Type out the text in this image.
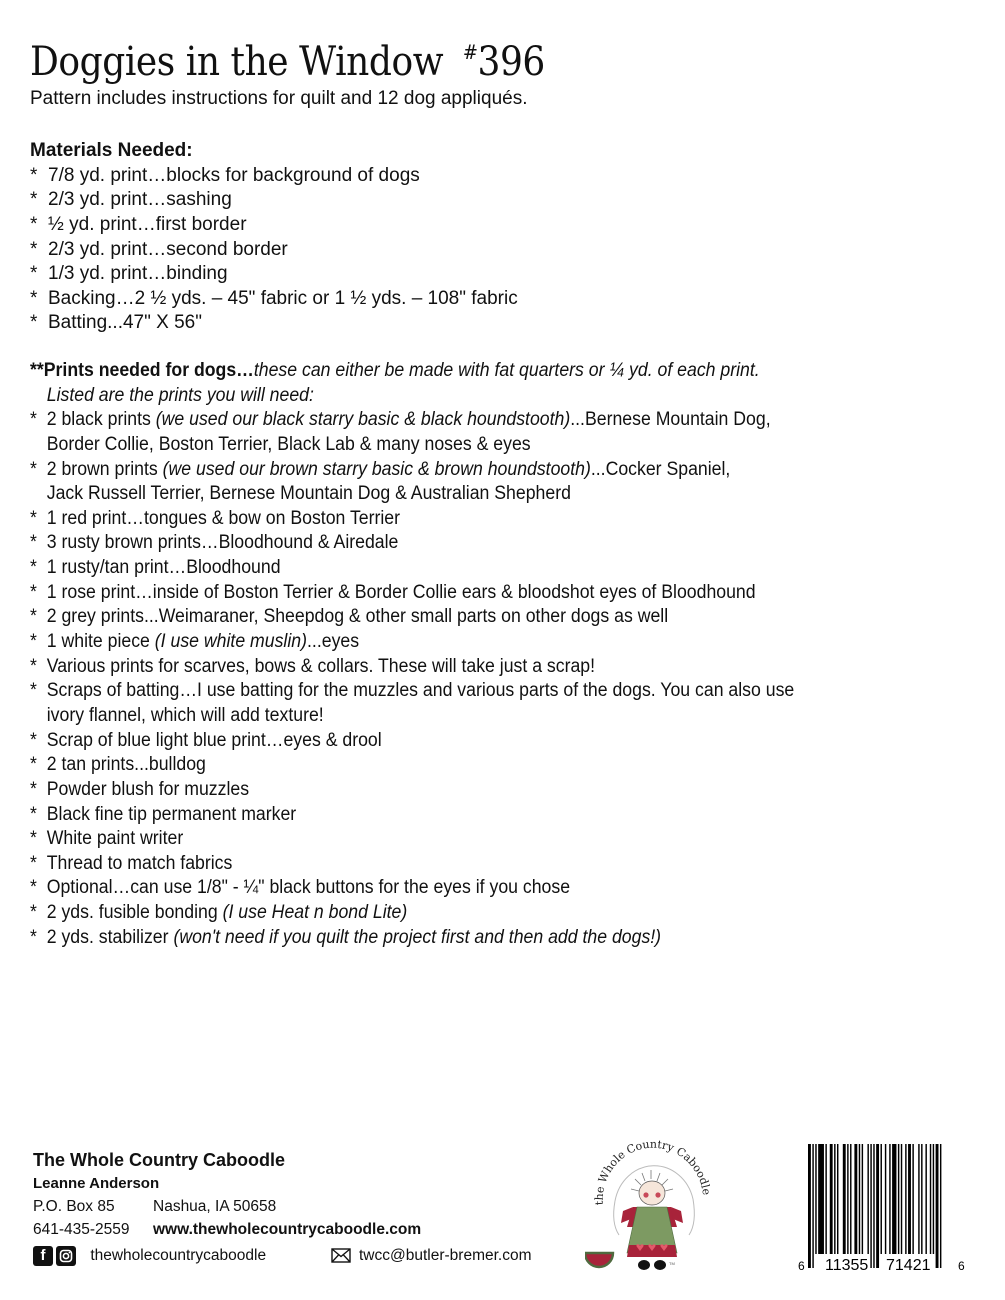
Doggies in the Window #396
Pattern includes instructions for quilt and 12 dog appliqués.
Materials Needed:
* 7/8 yd. print…blocks for background of dogs
* 2/3 yd. print…sashing
* ½ yd. print…first border
* 2/3 yd. print…second border
* 1/3 yd. print…binding
* Backing…2 ½ yds. – 45" fabric or 1 ½ yds. – 108" fabric
* Batting...47" X 56"
**Prints needed for dogs…these can either be made with fat quarters or ¼ yd. of each print.
Listed are the prints you will need:
* 2 black prints (we used our black starry basic & black houndstooth)...Bernese Mountain Dog,
Border Collie, Boston Terrier, Black Lab & many noses & eyes
* 2 brown prints (we used our brown starry basic & brown houndstooth)...Cocker Spaniel,
Jack Russell Terrier, Bernese Mountain Dog & Australian Shepherd
* 1 red print…tongues & bow on Boston Terrier
* 3 rusty brown prints…Bloodhound & Airedale
* 1 rusty/tan print…Bloodhound
* 1 rose print…inside of Boston Terrier & Border Collie ears & bloodshot eyes of Bloodhound
* 2 grey prints...Weimaraner, Sheepdog & other small parts on other dogs as well
* 1 white piece (I use white muslin)...eyes
* Various prints for scarves, bows & collars. These will take just a scrap!
* Scraps of batting…I use batting for the muzzles and various parts of the dogs. You can also use
ivory flannel, which will add texture!
* Scrap of blue light blue print…eyes & drool
* 2 tan prints...bulldog
* Powder blush for muzzles
* Black fine tip permanent marker
* White paint writer
* Thread to match fabrics
* Optional…can use 1/8" - ¼" black buttons for the eyes if you chose
* 2 yds. fusible bonding (I use Heat n bond Lite)
* 2 yds. stabilizer (won't need if you quilt the project first and then add the dogs!)
The Whole Country Caboodle
Leanne Anderson
P.O. Box 85 Nashua, IA 50658
641-435-2559 www.thewholecountrycaboodle.com
f	thewholecountrycaboodle	twcc@butler-bremer.com
the Whole Country Caboodle
TM	6 11355 71421 6
